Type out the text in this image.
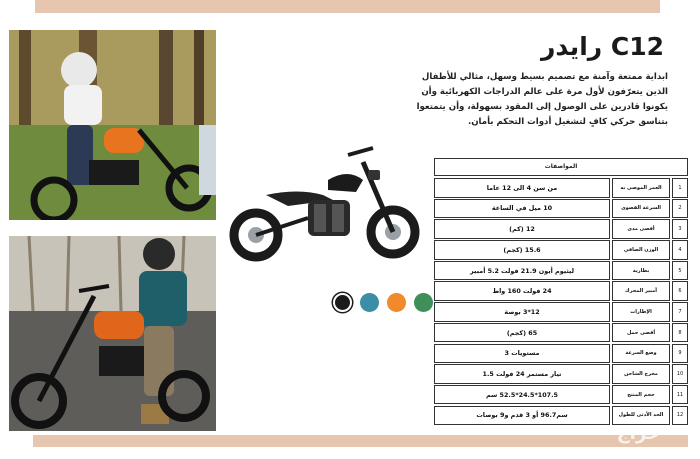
C12 رايدر
ابداية ممتعة وآمنة مع تصميم بسيط وسهل، مثالي للأطفال الذين يتعرّفون لأول مرة على عالم الدراجات الكهربائية وأن يكونوا قادرين على الوصول إلى المقود بسهولة، وأن يتمتعوا بتناسق حركي كافٍ لتشغيل أدوات التحكم بأمان.
المواصفات
من سن 4 الى 12 عاما	العمر الموصى به	1
10 ميل في الساعة	السرعة القصوى	2
12 (كم)	أقصى مدى	3
15.6 (كجم)	الوزن الصافي	4
ليثيوم أيون 21.9 فولت 5.2 أمبير	بطارية	5
24 فولت 160 واط	أمبير المحرك	6
12*3 بوصة	الإطارات	7
65 (كجم)	أقصى حمل	8
مستويات 3	وضع السرعة	9
تيار مستمر 24 فولت 1.5	مخرج الشاحن	10
107.5*24.5*52.5 سم	حجم المنتج	11
سم96.7 أو 3 قدم و9 بوصات	الحد الأدنى للطول	12
حراج
